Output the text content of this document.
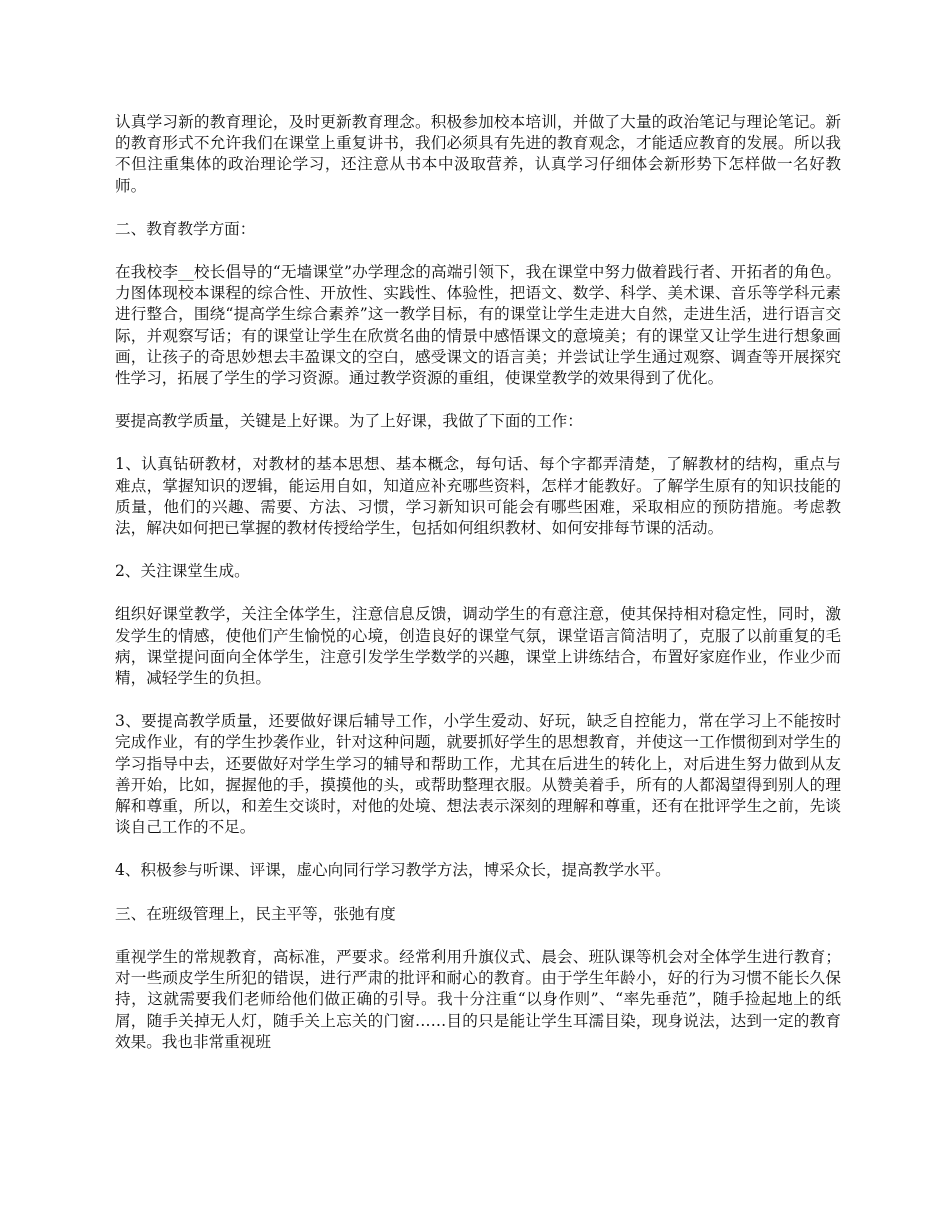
认真学习新的教育理论，及时更新教育理念。积极参加校本培训，并做了大量的政治笔记与理论笔记。新的教育形式不允许我们在课堂上重复讲书，我们必须具有先进的教育观念，才能适应教育的发展。所以我不但注重集体的政治理论学习，还注意从书本中汲取营养，认真学习仔细体会新形势下怎样做一名好教师。

二、教育教学方面：

在我校李__校长倡导的“无墙课堂”办学理念的高端引领下，我在课堂中努力做着践行者、开拓者的角色。力图体现校本课程的综合性、开放性、实践性、体验性，把语文、数学、科学、美术课、音乐等学科元素进行整合，围绕“提高学生综合素养”这一教学目标，有的课堂让学生走进大自然，走进生活，进行语言交际，并观察写话；有的课堂让学生在欣赏名曲的情景中感悟课文的意境美；有的课堂又让学生进行想象画画，让孩子的奇思妙想去丰盈课文的空白，感受课文的语言美；并尝试让学生通过观察、调查等开展探究性学习，拓展了学生的学习资源。通过教学资源的重组，使课堂教学的效果得到了优化。

要提高教学质量，关键是上好课。为了上好课，我做了下面的工作：

1、认真钻研教材，对教材的基本思想、基本概念，每句话、每个字都弄清楚，了解教材的结构，重点与难点，掌握知识的逻辑，能运用自如，知道应补充哪些资料，怎样才能教好。了解学生原有的知识技能的质量，他们的兴趣、需要、方法、习惯，学习新知识可能会有哪些困难，采取相应的预防措施。考虑教法，解决如何把已掌握的教材传授给学生，包括如何组织教材、如何安排每节课的活动。

2、关注课堂生成。

组织好课堂教学，关注全体学生，注意信息反馈，调动学生的有意注意，使其保持相对稳定性，同时，激发学生的情感，使他们产生愉悦的心境，创造良好的课堂气氛，课堂语言简洁明了，克服了以前重复的毛病，课堂提问面向全体学生，注意引发学生学数学的兴趣，课堂上讲练结合，布置好家庭作业，作业少而精，减轻学生的负担。

3、要提高教学质量，还要做好课后辅导工作，小学生爱动、好玩，缺乏自控能力，常在学习上不能按时完成作业，有的学生抄袭作业，针对这种问题，就要抓好学生的思想教育，并使这一工作惯彻到对学生的学习指导中去，还要做好对学生学习的辅导和帮助工作，尤其在后进生的转化上，对后进生努力做到从友善开始，比如，握握他的手，摸摸他的头，或帮助整理衣服。从赞美着手，所有的人都渴望得到别人的理解和尊重，所以，和差生交谈时，对他的处境、想法表示深刻的理解和尊重，还有在批评学生之前，先谈谈自己工作的不足。

4、积极参与听课、评课，虚心向同行学习教学方法，博采众长，提高教学水平。

三、在班级管理上，民主平等，张弛有度

重视学生的常规教育，高标准，严要求。经常利用升旗仪式、晨会、班队课等机会对全体学生进行教育；对一些顽皮学生所犯的错误，进行严肃的批评和耐心的教育。由于学生年龄小，好的行为习惯不能长久保持，这就需要我们老师给他们做正确的引导。我十分注重“以身作则”、“率先垂范”，随手捡起地上的纸屑，随手关掉无人灯，随手关上忘关的门窗……目的只是能让学生耳濡目染，现身说法，达到一定的教育效果。我也非常重视班
